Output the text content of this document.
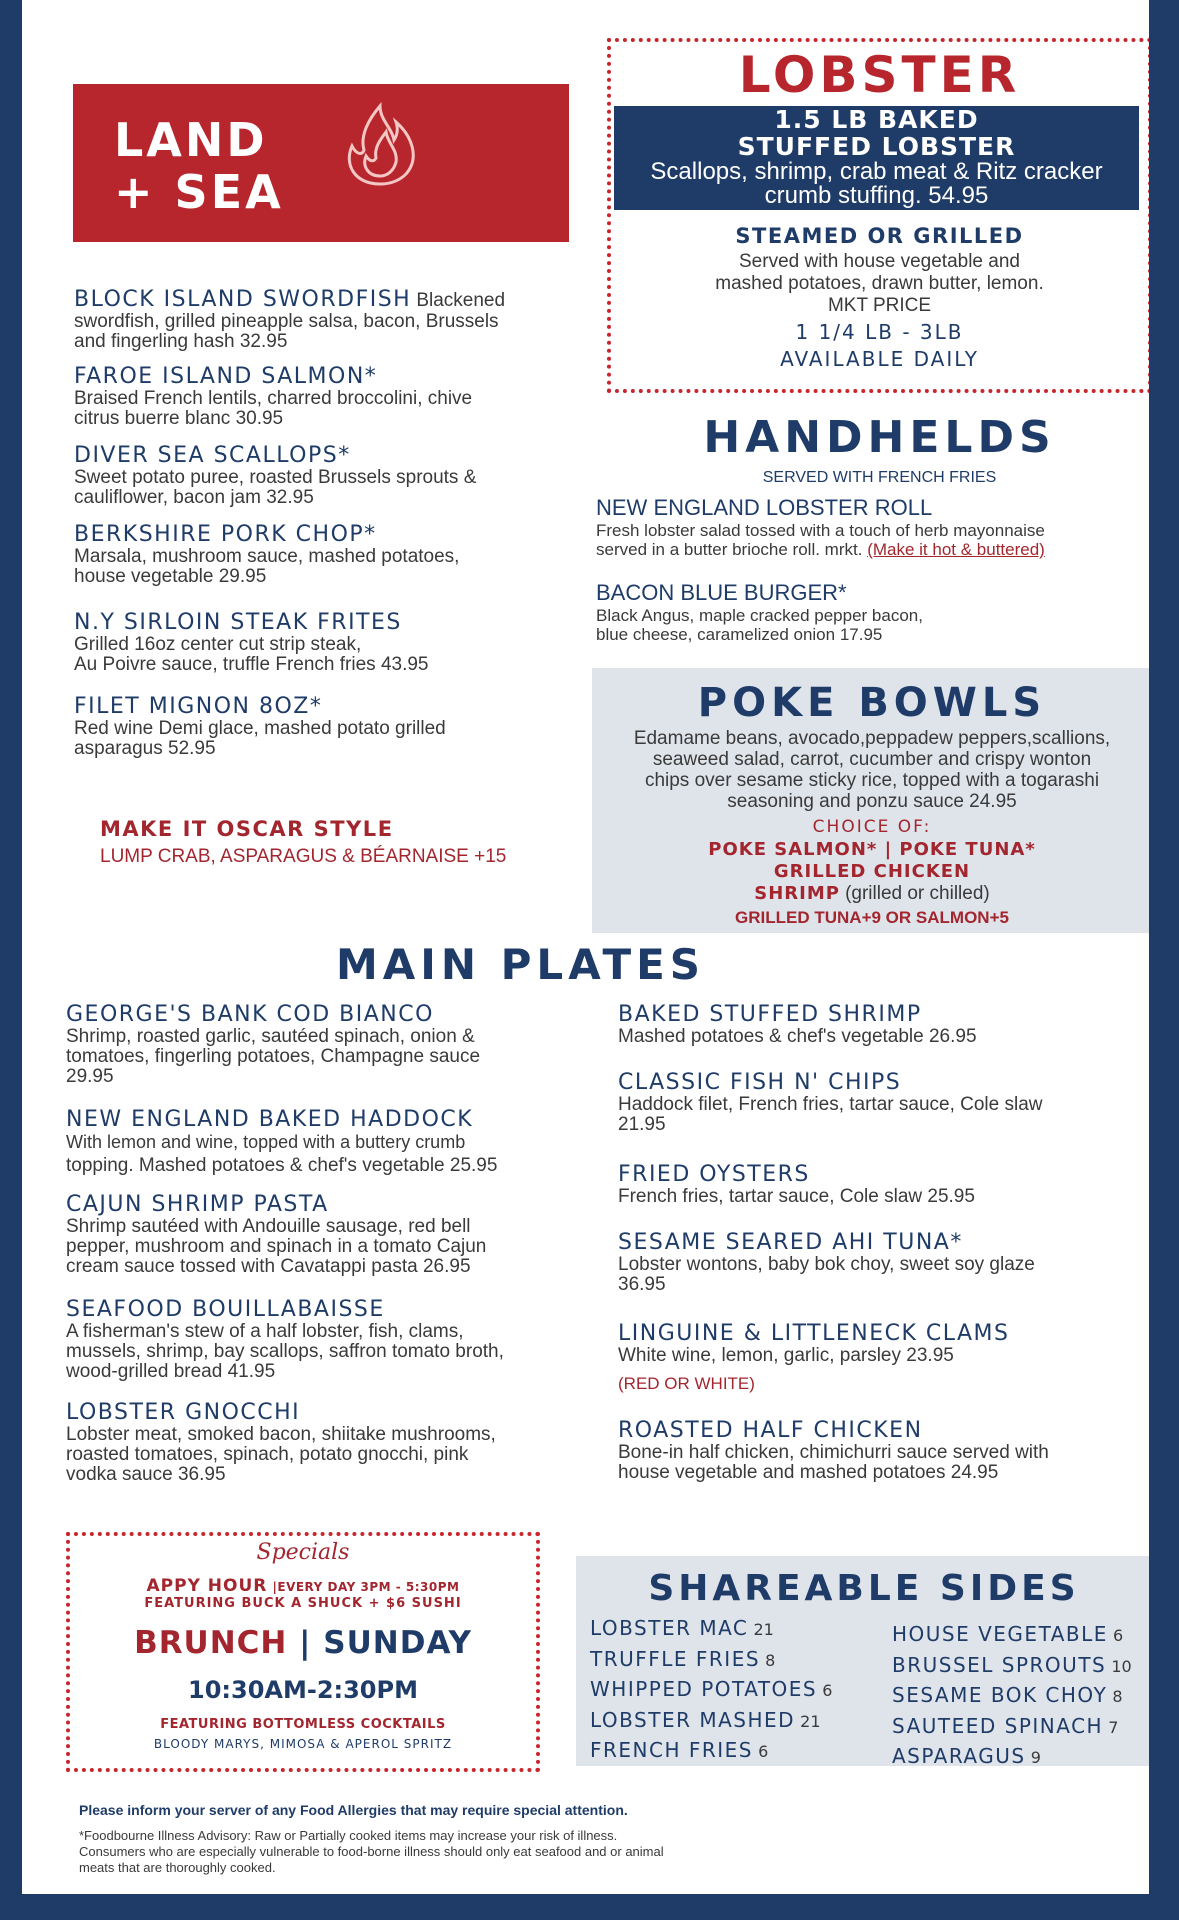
LAND
+ SEA
BLOCK ISLAND SWORDFISH Blackened
swordfish, grilled pineapple salsa, bacon, Brussels
and fingerling hash 32.95
FAROE ISLAND SALMON*
Braised French lentils, charred broccolini, chive
citrus buerre blanc 30.95
DIVER SEA SCALLOPS*
Sweet potato puree, roasted Brussels sprouts &
cauliflower, bacon jam 32.95
BERKSHIRE PORK CHOP*
Marsala, mushroom sauce, mashed potatoes,
house vegetable 29.95
N.Y SIRLOIN STEAK FRITES
Grilled 16oz center cut strip steak,
Au Poivre sauce, truffle French fries 43.95
FILET MIGNON 8OZ*
Red wine Demi glace, mashed potato grilled
asparagus 52.95
MAKE IT OSCAR STYLE
LUMP CRAB, ASPARAGUS & BÉARNAISE +15
LOBSTER
1.5 LB BAKED
STUFFED LOBSTER
Scallops, shrimp, crab meat & Ritz cracker
crumb stuffing. 54.95
STEAMED OR GRILLED
Served with house vegetable and
mashed potatoes, drawn butter, lemon.
MKT PRICE
1 1/4 LB - 3LB
AVAILABLE DAILY
HANDHELDS
SERVED WITH FRENCH FRIES
NEW ENGLAND LOBSTER ROLL
Fresh lobster salad tossed with a touch of herb mayonnaise
served in a butter brioche roll. mrkt. (Make it hot & buttered)
BACON BLUE BURGER*
Black Angus, maple cracked pepper bacon,
blue cheese, caramelized onion 17.95
POKE BOWLS
Edamame beans, avocado,peppadew peppers,scallions,
seaweed salad, carrot, cucumber and crispy wonton
chips over sesame sticky rice, topped with a togarashi
seasoning and ponzu sauce 24.95
CHOICE OF:
POKE SALMON* | POKE TUNA*
GRILLED CHICKEN
SHRIMP (grilled or chilled)
GRILLED TUNA+9 OR SALMON+5
MAIN PLATES
GEORGE'S BANK COD BIANCO
Shrimp, roasted garlic, sautéed spinach, onion &
tomatoes, fingerling potatoes, Champagne sauce
29.95
NEW ENGLAND BAKED HADDOCK
With lemon and wine, topped with a buttery crumb
topping. Mashed potatoes & chef's vegetable 25.95
CAJUN SHRIMP PASTA
Shrimp sautéed with Andouille sausage, red bell
pepper, mushroom and spinach in a tomato Cajun
cream sauce tossed with Cavatappi pasta 26.95
SEAFOOD BOUILLABAISSE
A fisherman's stew of a half lobster, fish, clams,
mussels, shrimp, bay scallops, saffron tomato broth,
wood-grilled bread 41.95
LOBSTER GNOCCHI
Lobster meat, smoked bacon, shiitake mushrooms,
roasted tomatoes, spinach, potato gnocchi, pink
vodka sauce 36.95
BAKED STUFFED SHRIMP
Mashed potatoes & chef's vegetable 26.95
CLASSIC FISH N' CHIPS
Haddock filet, French fries, tartar sauce, Cole slaw
21.95
FRIED OYSTERS
French fries, tartar sauce, Cole slaw 25.95
SESAME SEARED AHI TUNA*
Lobster wontons, baby bok choy, sweet soy glaze
36.95
LINGUINE & LITTLENECK CLAMS
White wine, lemon, garlic, parsley 23.95
(RED OR WHITE)
ROASTED HALF CHICKEN
Bone-in half chicken, chimichurri sauce served with
house vegetable and mashed potatoes 24.95
Specials
APPY HOUR |EVERY DAY 3PM - 5:30PM
FEATURING BUCK A SHUCK + $6 SUSHI
BRUNCH | SUNDAY
10:30AM-2:30PM
FEATURING BOTTOMLESS COCKTAILS
BLOODY MARYS, MIMOSA & APEROL SPRITZ
SHAREABLE SIDES
LOBSTER MAC 21
TRUFFLE FRIES 8
WHIPPED POTATOES 6
LOBSTER MASHED 21
FRENCH FRIES 6
HOUSE VEGETABLE 6
BRUSSEL SPROUTS 10
SESAME BOK CHOY 8
SAUTEED SPINACH 7
ASPARAGUS 9
Please inform your server of any Food Allergies that may require special attention.
*Foodbourne Illness Advisory: Raw or Partially cooked items may increase your risk of illness. Consumers who are especially vulnerable to food-borne illness should only eat seafood and or animal meats that are thoroughly cooked.
